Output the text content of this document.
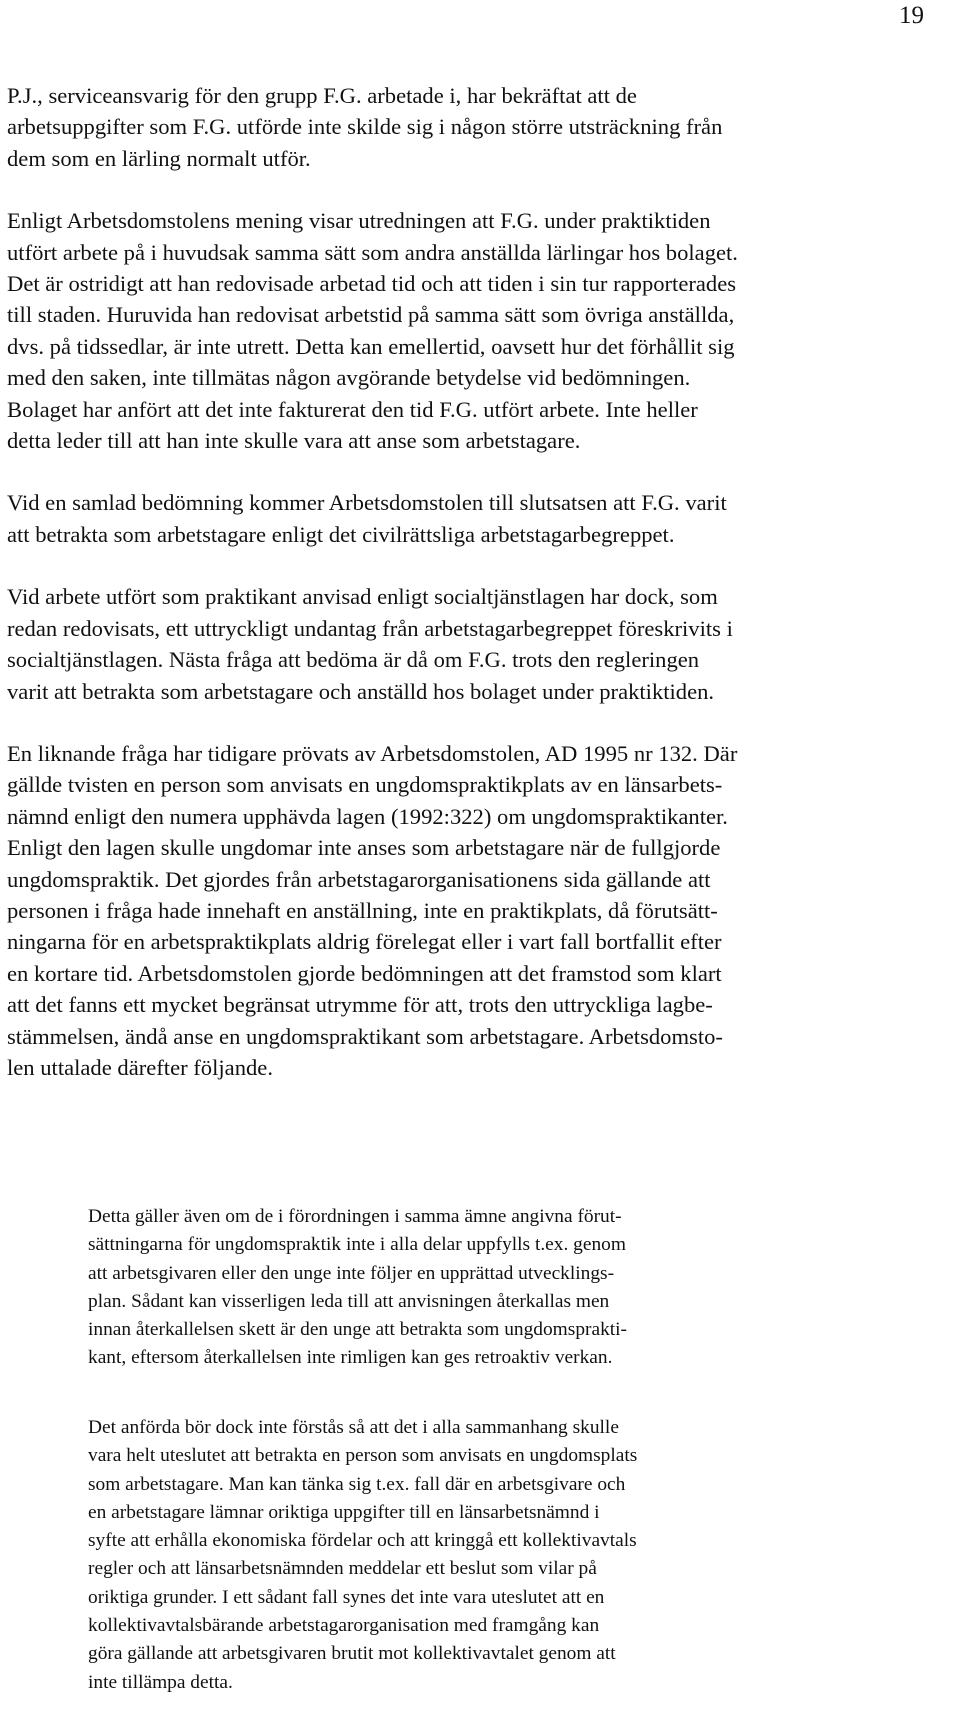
19

P.J., serviceansvarig för den grupp F.G. arbetade i, har bekräftat att de
arbetsuppgifter som F.G. utförde inte skilde sig i någon större utsträckning från
dem som en lärling normalt utför.

Enligt Arbetsdomstolens mening visar utredningen att F.G. under praktiktiden
utfört arbete på i huvudsak samma sätt som andra anställda lärlingar hos bolaget.
Det är ostridigt att han redovisade arbetad tid och att tiden i sin tur rapporterades
till staden. Huruvida han redovisat arbetstid på samma sätt som övriga anställda,
dvs. på tidssedlar, är inte utrett. Detta kan emellertid, oavsett hur det förhållit sig
med den saken, inte tillmätas någon avgörande betydelse vid bedömningen.
Bolaget har anfört att det inte fakturerat den tid F.G. utfört arbete. Inte heller
detta leder till att han inte skulle vara att anse som arbetstagare.

Vid en samlad bedömning kommer Arbetsdomstolen till slutsatsen att F.G. varit
att betrakta som arbetstagare enligt det civilrättsliga arbetstagarbegreppet.

Vid arbete utfört som praktikant anvisad enligt socialtjänstlagen har dock, som
redan redovisats, ett uttryckligt undantag från arbetstagarbegreppet föreskrivits i
socialtjänstlagen. Nästa fråga att bedöma är då om F.G. trots den regleringen
varit att betrakta som arbetstagare och anställd hos bolaget under praktiktiden.

En liknande fråga har tidigare prövats av Arbetsdomstolen, AD 1995 nr 132. Där
gällde tvisten en person som anvisats en ungdomspraktikplats av en länsarbets-
nämnd enligt den numera upphävda lagen (1992:322) om ungdomspraktikanter.
Enligt den lagen skulle ungdomar inte anses som arbetstagare när de fullgjorde
ungdomspraktik. Det gjordes från arbetstagarorganisationens sida gällande att
personen i fråga hade innehaft en anställning, inte en praktikplats, då förutsätt-
ningarna för en arbetspraktikplats aldrig förelegat eller i vart fall bortfallit efter
en kortare tid. Arbetsdomstolen gjorde bedömningen att det framstod som klart
att det fanns ett mycket begränsat utrymme för att, trots den uttryckliga lagbe-
stämmelsen, ändå anse en ungdomspraktikant som arbetstagare. Arbetsdomsto-
len uttalade därefter följande.

Detta gäller även om de i förordningen i samma ämne angivna förut-
sättningarna för ungdomspraktik inte i alla delar uppfylls t.ex. genom
att arbetsgivaren eller den unge inte följer en upprättad utvecklings-
plan. Sådant kan visserligen leda till att anvisningen återkallas men
innan återkallelsen skett är den unge att betrakta som ungdomsprakti-
kant, eftersom återkallelsen inte rimligen kan ges retroaktiv verkan.

Det anförda bör dock inte förstås så att det i alla sammanhang skulle
vara helt uteslutet att betrakta en person som anvisats en ungdomsplats
som arbetstagare. Man kan tänka sig t.ex. fall där en arbetsgivare och
en arbetstagare lämnar oriktiga uppgifter till en länsarbetsnämnd i
syfte att erhålla ekonomiska fördelar och att kringgå ett kollektivavtals
regler och att länsarbetsnämnden meddelar ett beslut som vilar på
oriktiga grunder. I ett sådant fall synes det inte vara uteslutet att en
kollektivavtalsbärande arbetstagarorganisation med framgång kan
göra gällande att arbetsgivaren brutit mot kollektivavtalet genom att
inte tillämpa detta.
